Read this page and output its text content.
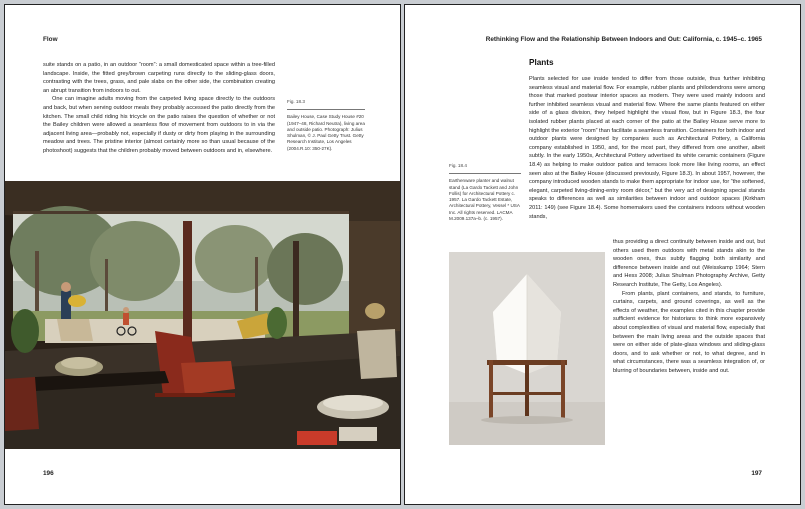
Flow

suite stands on a patio, in an outdoor “room”: a small domesticated space within a tree-filled landscape. Inside, the fitted grey/brown carpeting runs directly to the sliding-glass doors, contrasting with the trees, grass, and pale slabs on the other side, the combination creating an abrupt transition from indoors to out.

One can imagine adults moving from the carpeted living space directly to the outdoors and back, but when serving outdoor meals they probably accessed the patio directly from the kitchen. The small child riding his tricycle on the patio raises the question of whether or not the Bailey children were allowed a seamless flow of movement from outdoors to in via the adjacent living area—probably not, especially if dusty or dirty from playing in the surrounding meadow and trees. The pristine interior (almost certainly more so than usual because of the photoshoot) suggests that the children probably moved between outdoors and in, elsewhere.

Fig. 18.3
Bailey House, Case Study House #20 (1947–48, Richard Neutra), living area and outside patio. Photograph: Julius Shulman, © J. Paul Getty Trust. Getty Research Institute, Los Angeles (2004.R.10: 350-27K).
196
Rethinking Flow and the Relationship Between Indoors and Out: California, c. 1945–c. 1965
Plants

Plants selected for use inside tended to differ from those outside, thus further inhibiting seamless visual and material flow. For example, rubber plants and philodendrons were among those that marked postwar interior spaces as modern. They were used mainly indoors and further inhibited seamless visual and material flow. Where the same plants featured on either side of a glass division, they helped highlight the visual flow, but in Figure 18.3, the four isolated rubber plants placed at each corner of the patio at the Bailey House serve more to highlight the exterior “room” than facilitate a seamless transition. Containers for both indoor and outdoor plants were designed by companies such as Architectural Pottery, a California company established in 1950, and, for the most part, they differed from one another, albeit subtly. In the early 1950s, Architectural Pottery advertised its white ceramic containers (Figure 18.4) as helping to make outdoor patios and terraces look more like living rooms, an effect seen also at the Bailey House (discussed previously, Figure 18.3). In about 1957, however, the company introduced wooden stands to make them appropriate for indoor use, for “the softened, elegant, carpeted living-dining-entry room décor,” but the very act of designing special stands speaks to differences as well as similarities between indoor and outdoor spaces (Kirkham 2011: 149) (see Figure 18.4). Some homemakers used the containers indoors without wooden stands,

thus providing a direct continuity between inside and out, but others used them outdoors with metal stands akin to the wooden ones, thus subtly flagging both similarity and difference between inside and out (Weisskamp 1964; Stern and Hess 2008; Julius Shulman Photography Archive, Getty Research Institute, The Getty, Los Angeles).

From plants, plant containers, and stands, to furniture, curtains, carpets, and ground coverings, as well as the effects of weather, the examples cited in this chapter provide sufficient evidence for historians to think more expansively about complexities of visual and material flow, especially that between the main living areas and the outside spaces that were on either side of plate-glass windows and sliding-glass doors, and to ask whether or not, to what degree, and in what circumstances, there was a seamless integration of, or blurring of boundaries between, inside and out.

Fig. 18.4
Earthenware planter and walnut stand (La Gardo Tackett and John Follis) for Architectural Pottery c. 1957. La Gardo Tackett Estate, Architectural Pottery, Vessel * USA Inc. All rights reserved. LACMA M.2009.137a–b. (c. 1957).
197
